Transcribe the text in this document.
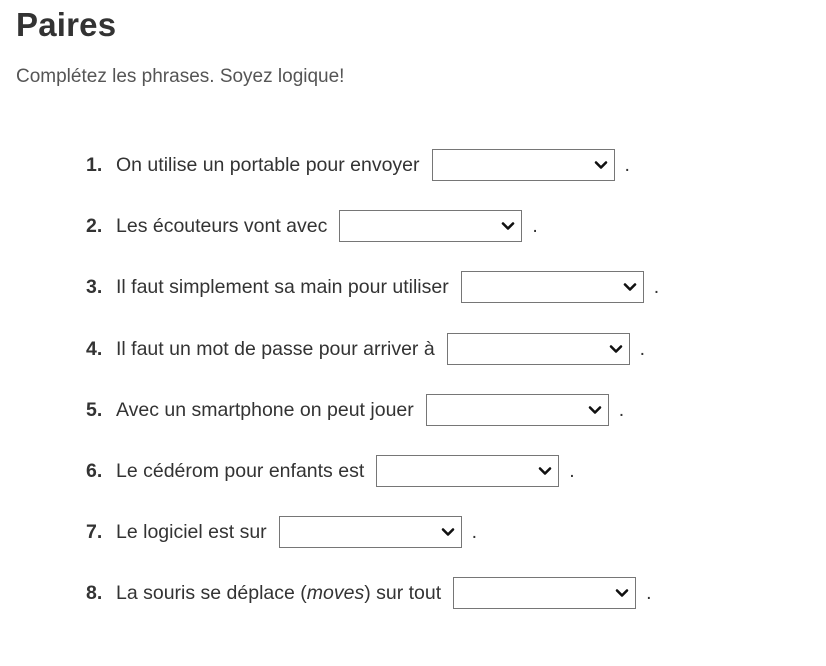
Paires

Complétez les phrases. Soyez logique!

1. On utilise un portable pour envoyer	.
2. Les écouteurs vont avec	.
3. Il faut simplement sa main pour utiliser	.
4. Il faut un mot de passe pour arriver à	.
5. Avec un smartphone on peut jouer	.
6. Le cédérom pour enfants est	.
7. Le logiciel est sur	.
8. La souris se déplace (moves) sur tout	.
